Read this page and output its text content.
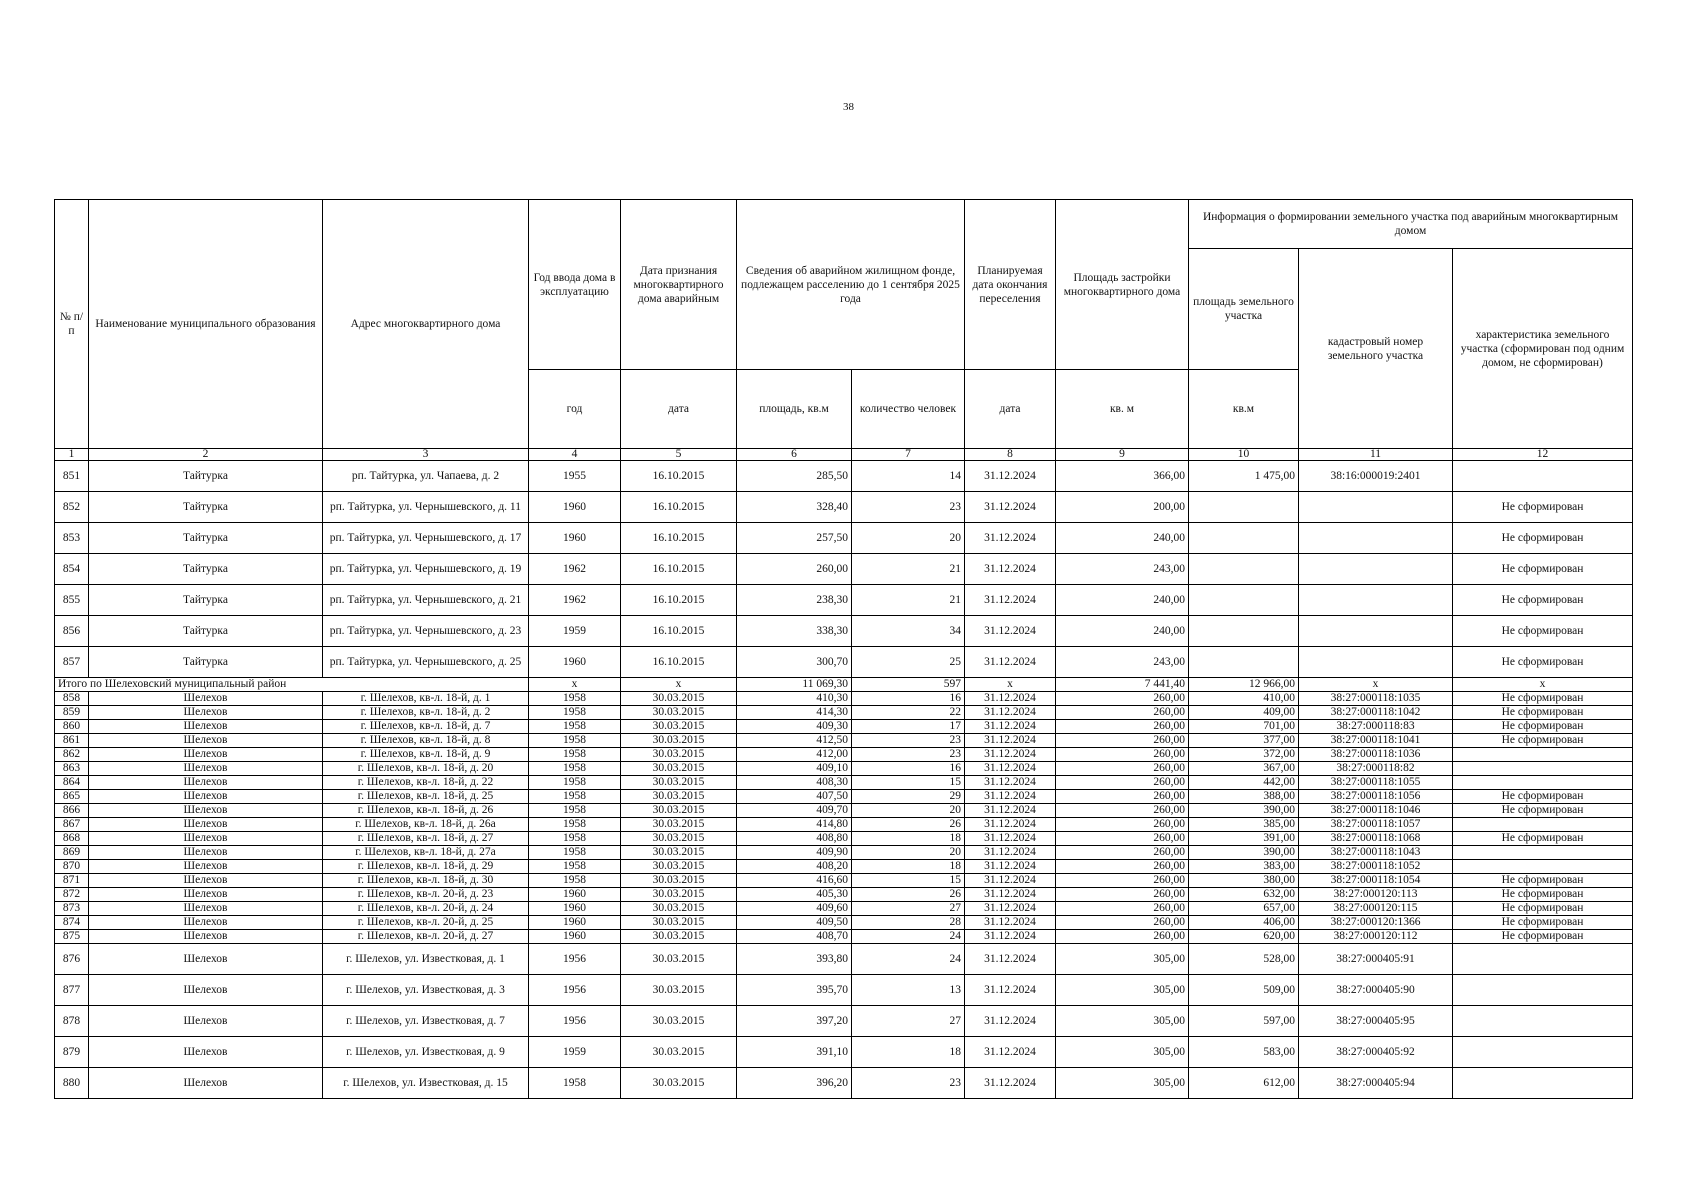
38
№ п/п	Наименование муниципального образования	Адрес многоквартирного дома	Год ввода дома в эксплуатацию	Дата признания многоквартирного дома аварийным	Сведения об аварийном жилищном фонде, подлежащем расселению до 1 сентября 2025 года		Планируемая дата окончания переселения	Площадь застройки многоквартирного дома	Информация о формировании земельного участка под аварийным многоквартирным домом		
									площадь земельного участка	кадастровый номер земельного участка	характеристика земельного участка (сформирован под одним домом, не сформирован)
			год	дата	площадь, кв.м	количество человек	дата	кв. м	кв.м		
1	2	3	4	5	6	7	8	9	10	11	12
851	Тайтурка	рп. Тайтурка, ул. Чапаева, д. 2	1955	16.10.2015	285,50	14	31.12.2024	366,00	1 475,00	38:16:000019:2401	
852	Тайтурка	рп. Тайтурка, ул. Чернышевского, д. 11	1960	16.10.2015	328,40	23	31.12.2024	200,00			Не сформирован
853	Тайтурка	рп. Тайтурка, ул. Чернышевского, д. 17	1960	16.10.2015	257,50	20	31.12.2024	240,00			Не сформирован
854	Тайтурка	рп. Тайтурка, ул. Чернышевского, д. 19	1962	16.10.2015	260,00	21	31.12.2024	243,00			Не сформирован
855	Тайтурка	рп. Тайтурка, ул. Чернышевского, д. 21	1962	16.10.2015	238,30	21	31.12.2024	240,00			Не сформирован
856	Тайтурка	рп. Тайтурка, ул. Чернышевского, д. 23	1959	16.10.2015	338,30	34	31.12.2024	240,00			Не сформирован
857	Тайтурка	рп. Тайтурка, ул. Чернышевского, д. 25	1960	16.10.2015	300,70	25	31.12.2024	243,00			Не сформирован
Итого по Шелеховский муниципальный район			х	х	11 069,30	597	х	7 441,40	12 966,00	х	х
858	Шелехов	г. Шелехов, кв-л. 18-й, д. 1	1958	30.03.2015	410,30	16	31.12.2024	260,00	410,00	38:27:000118:1035	Не сформирован
859	Шелехов	г. Шелехов, кв-л. 18-й, д. 2	1958	30.03.2015	414,30	22	31.12.2024	260,00	409,00	38:27:000118:1042	Не сформирован
860	Шелехов	г. Шелехов, кв-л. 18-й, д. 7	1958	30.03.2015	409,30	17	31.12.2024	260,00	701,00	38:27:000118:83	Не сформирован
861	Шелехов	г. Шелехов, кв-л. 18-й, д. 8	1958	30.03.2015	412,50	23	31.12.2024	260,00	377,00	38:27:000118:1041	Не сформирован
862	Шелехов	г. Шелехов, кв-л. 18-й, д. 9	1958	30.03.2015	412,00	23	31.12.2024	260,00	372,00	38:27:000118:1036	
863	Шелехов	г. Шелехов, кв-л. 18-й, д. 20	1958	30.03.2015	409,10	16	31.12.2024	260,00	367,00	38:27:000118:82	
864	Шелехов	г. Шелехов, кв-л. 18-й, д. 22	1958	30.03.2015	408,30	15	31.12.2024	260,00	442,00	38:27:000118:1055	
865	Шелехов	г. Шелехов, кв-л. 18-й, д. 25	1958	30.03.2015	407,50	29	31.12.2024	260,00	388,00	38:27:000118:1056	Не сформирован
866	Шелехов	г. Шелехов, кв-л. 18-й, д. 26	1958	30.03.2015	409,70	20	31.12.2024	260,00	390,00	38:27:000118:1046	Не сформирован
867	Шелехов	г. Шелехов, кв-л. 18-й, д. 26а	1958	30.03.2015	414,80	26	31.12.2024	260,00	385,00	38:27:000118:1057	
868	Шелехов	г. Шелехов, кв-л. 18-й, д. 27	1958	30.03.2015	408,80	18	31.12.2024	260,00	391,00	38:27:000118:1068	Не сформирован
869	Шелехов	г. Шелехов, кв-л. 18-й, д. 27а	1958	30.03.2015	409,90	20	31.12.2024	260,00	390,00	38:27:000118:1043	
870	Шелехов	г. Шелехов, кв-л. 18-й, д. 29	1958	30.03.2015	408,20	18	31.12.2024	260,00	383,00	38:27:000118:1052	
871	Шелехов	г. Шелехов, кв-л. 18-й, д. 30	1958	30.03.2015	416,60	15	31.12.2024	260,00	380,00	38:27:000118:1054	Не сформирован
872	Шелехов	г. Шелехов, кв-л. 20-й, д. 23	1960	30.03.2015	405,30	26	31.12.2024	260,00	632,00	38:27:000120:113	Не сформирован
873	Шелехов	г. Шелехов, кв-л. 20-й, д. 24	1960	30.03.2015	409,60	27	31.12.2024	260,00	657,00	38:27:000120:115	Не сформирован
874	Шелехов	г. Шелехов, кв-л. 20-й, д. 25	1960	30.03.2015	409,50	28	31.12.2024	260,00	406,00	38:27:000120:1366	Не сформирован
875	Шелехов	г. Шелехов, кв-л. 20-й, д. 27	1960	30.03.2015	408,70	24	31.12.2024	260,00	620,00	38:27:000120:112	Не сформирован
876	Шелехов	г. Шелехов, ул. Известковая, д. 1	1956	30.03.2015	393,80	24	31.12.2024	305,00	528,00	38:27:000405:91	
877	Шелехов	г. Шелехов, ул. Известковая, д. 3	1956	30.03.2015	395,70	13	31.12.2024	305,00	509,00	38:27:000405:90	
878	Шелехов	г. Шелехов, ул. Известковая, д. 7	1956	30.03.2015	397,20	27	31.12.2024	305,00	597,00	38:27:000405:95	
879	Шелехов	г. Шелехов, ул. Известковая, д. 9	1959	30.03.2015	391,10	18	31.12.2024	305,00	583,00	38:27:000405:92	
880	Шелехов	г. Шелехов, ул. Известковая, д. 15	1958	30.03.2015	396,20	23	31.12.2024	305,00	612,00	38:27:000405:94	
